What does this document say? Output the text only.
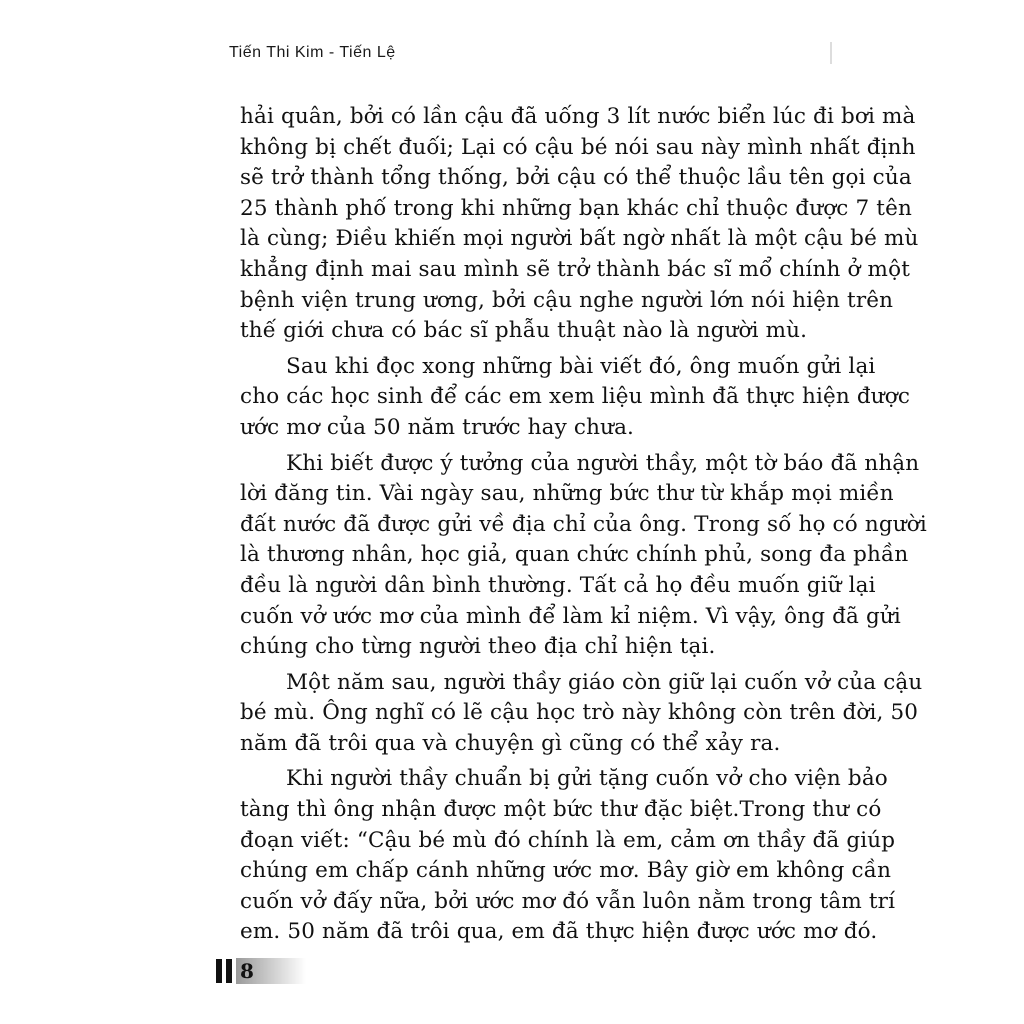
Tiến Thi Kim - Tiến Lệ

hải quân, bởi có lần cậu đã uống 3 lít nước biển lúc đi bơi mà
không bị chết đuối; Lại có cậu bé nói sau này mình nhất định
sẽ trở thành tổng thống, bởi cậu có thể thuộc lầu tên gọi của
25 thành phố trong khi những bạn khác chỉ thuộc được 7 tên
là cùng; Điều khiến mọi người bất ngờ nhất là một cậu bé mù
khẳng định mai sau mình sẽ trở thành bác sĩ mổ chính ở một
bệnh viện trung ương, bởi cậu nghe người lớn nói hiện trên
thế giới chưa có bác sĩ phẫu thuật nào là người mù.

Sau khi đọc xong những bài viết đó, ông muốn gửi lại
cho các học sinh để các em xem liệu mình đã thực hiện được
ước mơ của 50 năm trước hay chưa.

Khi biết được ý tưởng của người thầy, một tờ báo đã nhận
lời đăng tin. Vài ngày sau, những bức thư từ khắp mọi miền
đất nước đã được gửi về địa chỉ của ông. Trong số họ có người
là thương nhân, học giả, quan chức chính phủ, song đa phần
đều là người dân bình thường. Tất cả họ đều muốn giữ lại
cuốn vở ước mơ của mình để làm kỉ niệm. Vì vậy, ông đã gửi
chúng cho từng người theo địa chỉ hiện tại.

Một năm sau, người thầy giáo còn giữ lại cuốn vở của cậu
bé mù. Ông nghĩ có lẽ cậu học trò này không còn trên đời, 50
năm đã trôi qua và chuyện gì cũng có thể xảy ra.

Khi người thầy chuẩn bị gửi tặng cuốn vở cho viện bảo
tàng thì ông nhận được một bức thư đặc biệt.Trong thư có
đoạn viết: “Cậu bé mù đó chính là em, cảm ơn thầy đã giúp
chúng em chấp cánh những ước mơ. Bây giờ em không cần
cuốn vở đấy nữa, bởi ước mơ đó vẫn luôn nằm trong tâm trí
em. 50 năm đã trôi qua, em đã thực hiện được ước mơ đó.

8
